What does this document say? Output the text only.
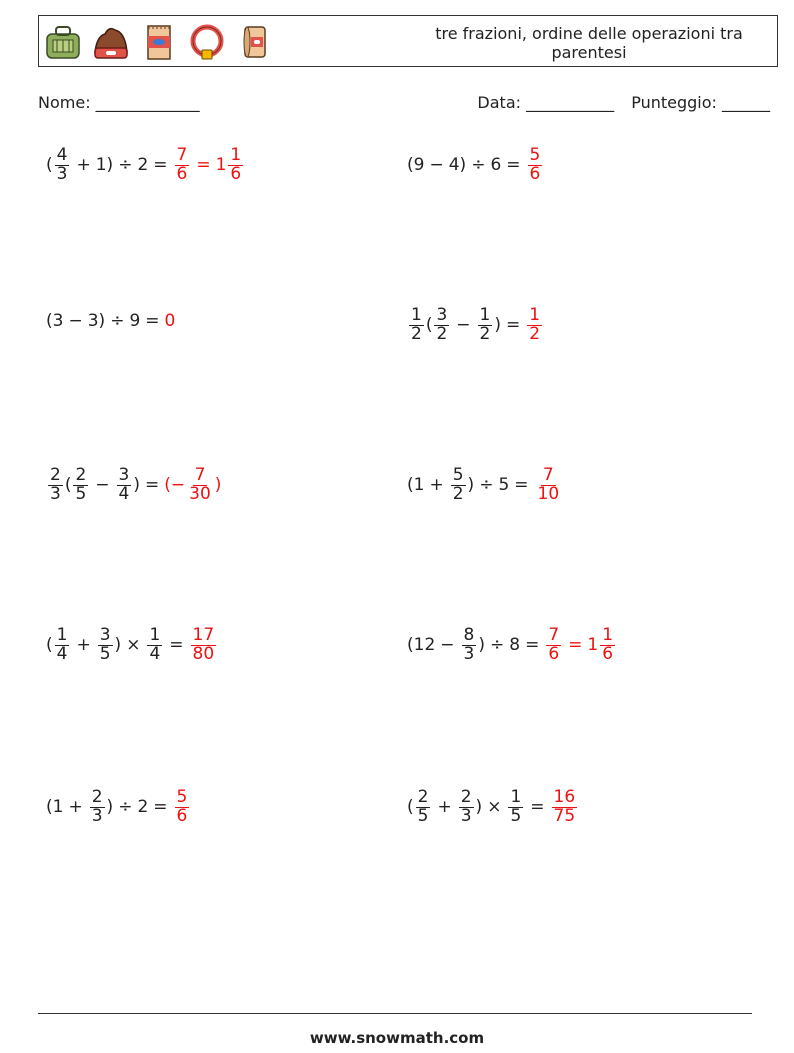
tre frazioni, ordine delle operazioni tra parentesi
Nome: _____________	Data: ___________ Punteggio: ______
( $\frac{4}{3} + 1$ ) ÷ $2 = \frac{7}{6} = 1 \frac{1}{6}$	( 9 − 4 ) ÷ $6 = \frac{5}{6}$
( 3 − 3 ) ÷ 9 = 0	$\frac{1}{2}$ ( $\frac{3}{2} - \frac{1}{2}$ ) = $\frac{1}{2}$
$\frac{2}{3}$ ( $\frac{2}{5} - \frac{3}{4}$ ) = ( − $\frac{7}{30}$ )	( $1 + \frac{5}{2}$ ) ÷ $5 = \frac{7}{10}$
( $\frac{1}{4} + \frac{3}{5}$ ) × $\frac{1}{4} = \frac{17}{80}$	( $12 - \frac{8}{3}$ ) ÷ $8 = \frac{7}{6} = 1 \frac{1}{6}$
( $1 + \frac{2}{3}$ ) ÷ $2 = \frac{5}{6}$	( $\frac{2}{5} + \frac{2}{3}$ ) × $\frac{1}{5} = \frac{16}{75}$
www.snowmath.com
